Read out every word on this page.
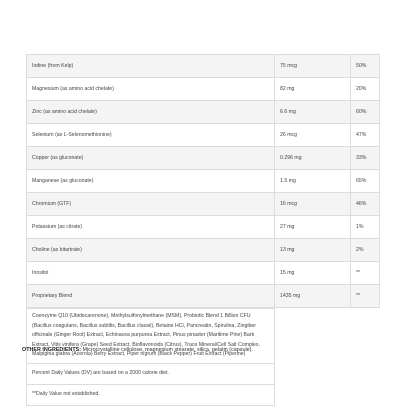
Iodine (from Kelp)	75 mcg	50%
Magnesium (as amino acid chelate)	82 mg	20%
Zinc (as amino acid chelate)	6.6 mg	60%
Selenium (as L-Selenomethionine)	26 mcg	47%
Copper (as gluconate)	0.296 mg	33%
Manganese (as gluconate)	1.5 mg	65%
Chromium (GTF)	16 mcg	46%
Potassium (as citrate)	27 mg	1%
Choline (as bitartrate)	13 mg	2%
Inositol	15 mg	**
Proprietary Blend	1435 mg	**
Coenzyme Q10 (Ubidecarenone), Methylsulfonylmethane (MSM), Probiotic Blend 1 Billion CFU (Bacillus coagulans, Bacillus subtilis, Bacillus clausii), Betaine HCl, Pancreatin, Spirulina, Zingiber officinale (Ginger Root) Extract, Echinacea purpurea Extract, Pinus pinaster (Maritime Pine) Bark Extract, Vitis vinifera (Grape) Seed Extract, Bioflavonoids (Citrus), Trace Mineral/Cell Salt Complex, Malpighia glabra (Acerola) Berry Extract, Piper nigrum (Black Pepper) Fruit Extract (Piperine)
Percent Daily Values (DV) are based on a 2000 calorie diet.
**Daily Value not established.
OTHER INGREDIENTS: Microcrystalline cellulose, magnesium stearate, silica, gelatin (capsule).
